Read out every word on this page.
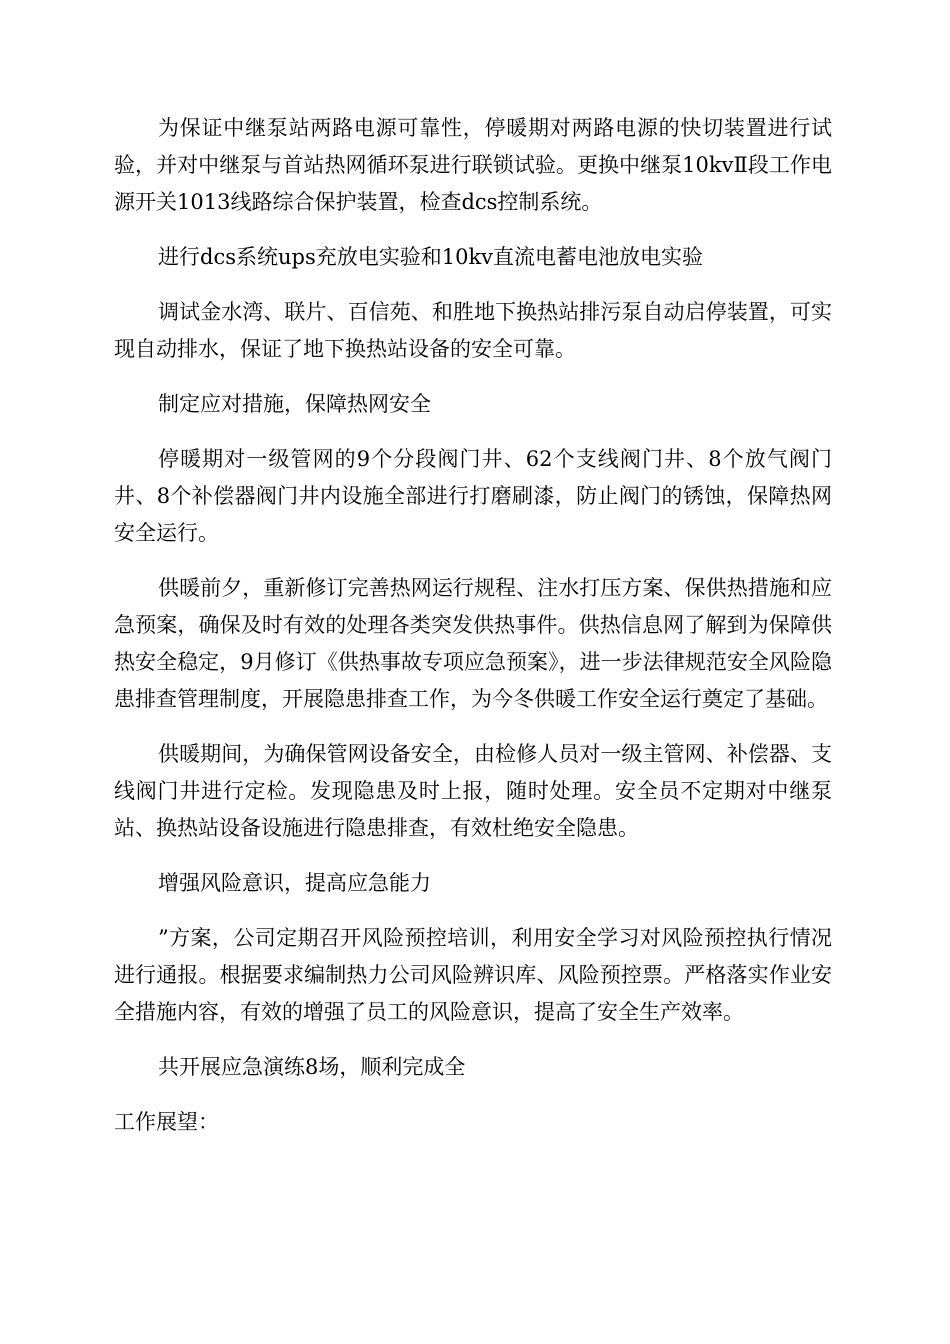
为保证中继泵站两路电源可靠性，停暖期对两路电源的快切装置进行试验，并对中继泵与首站热网循环泵进行联锁试验。更换中继泵10kvⅡ段工作电源开关1013线路综合保护装置，检查dcs控制系统。

进行dcs系统ups充放电实验和10kv直流电蓄电池放电实验

调试金水湾、联片、百信苑、和胜地下换热站排污泵自动启停装置，可实现自动排水，保证了地下换热站设备的安全可靠。

制定应对措施，保障热网安全

停暖期对一级管网的9个分段阀门井、62个支线阀门井、8个放气阀门井、8个补偿器阀门井内设施全部进行打磨刷漆，防止阀门的锈蚀，保障热网安全运行。

供暖前夕，重新修订完善热网运行规程、注水打压方案、保供热措施和应急预案，确保及时有效的处理各类突发供热事件。供热信息网了解到为保障供热安全稳定，9月修订《供热事故专项应急预案》，进一步法律规范安全风险隐患排查管理制度，开展隐患排查工作，为今冬供暖工作安全运行奠定了基础。

供暖期间，为确保管网设备安全，由检修人员对一级主管网、补偿器、支线阀门井进行定检。发现隐患及时上报，随时处理。安全员不定期对中继泵站、换热站设备设施进行隐患排查，有效杜绝安全隐患。

增强风险意识，提高应急能力

”方案，公司定期召开风险预控培训，利用安全学习对风险预控执行情况进行通报。根据要求编制热力公司风险辨识库、风险预控票。严格落实作业安全措施内容，有效的增强了员工的风险意识，提高了安全生产效率。

共开展应急演练8场，顺利完成全

工作展望：
